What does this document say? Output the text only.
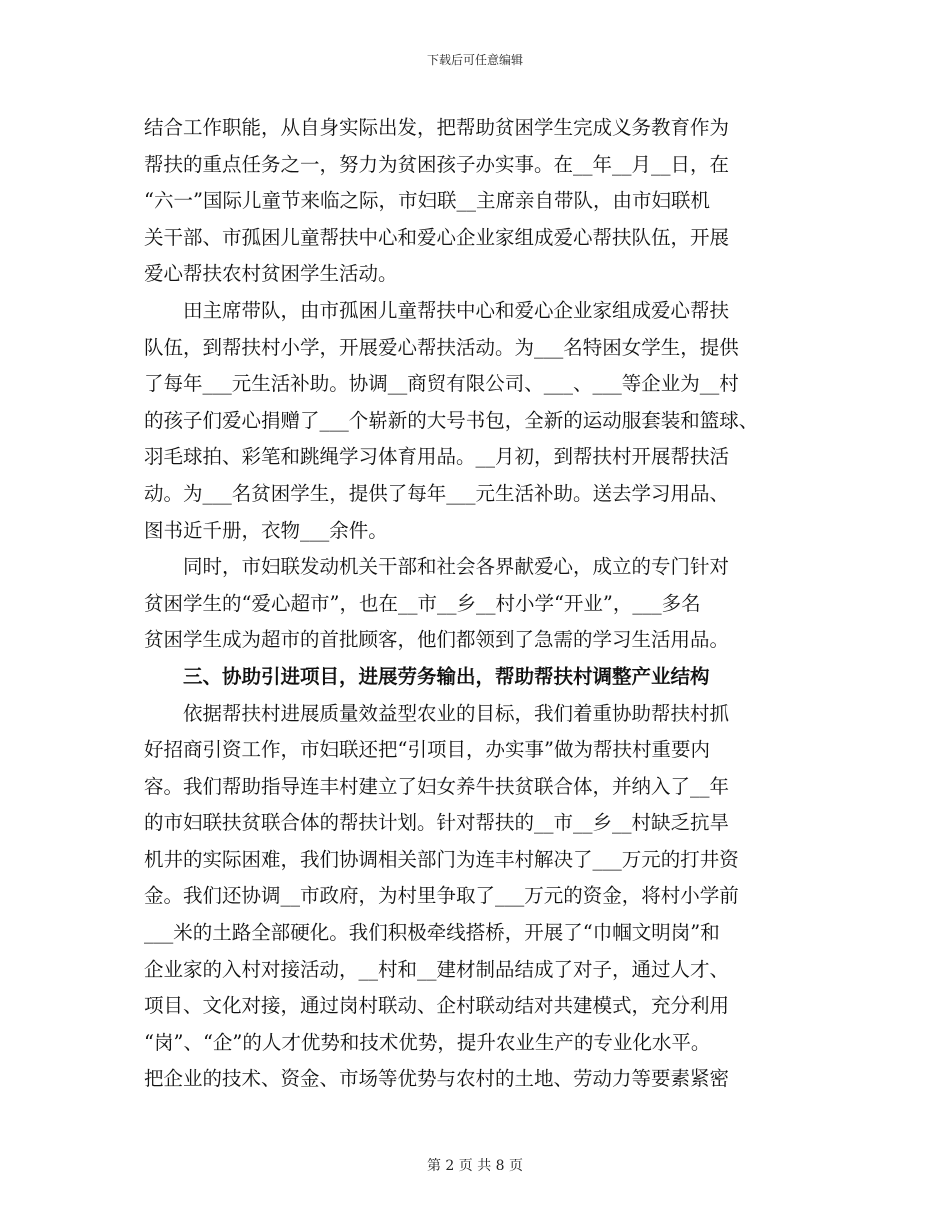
下载后可任意编辑

结合工作职能，从自身实际出发，把帮助贫困学生完成义务教育作为
帮扶的重点任务之一，努力为贫困孩子办实事。在__年__月__日，在
“六一”国际儿童节来临之际，市妇联__主席亲自带队，由市妇联机
关干部、市孤困儿童帮扶中心和爱心企业家组成爱心帮扶队伍，开展
爱心帮扶农村贫困学生活动。

　　田主席带队，由市孤困儿童帮扶中心和爱心企业家组成爱心帮扶
队伍，到帮扶村小学，开展爱心帮扶活动。为___名特困女学生，提供
了每年___元生活补助。协调__商贸有限公司、___、___等企业为__村
的孩子们爱心捐赠了___个崭新的大号书包，全新的运动服套装和篮球、
羽毛球拍、彩笔和跳绳学习体育用品。__月初，到帮扶村开展帮扶活
动。为___名贫困学生，提供了每年___元生活补助。送去学习用品、
图书近千册，衣物___余件。

　　同时，市妇联发动机关干部和社会各界献爱心，成立的专门针对
贫困学生的“爱心超市”，也在__市__乡__村小学“开业”，___多名
贫困学生成为超市的首批顾客，他们都领到了急需的学习生活用品。

　　三、协助引进项目，进展劳务输出，帮助帮扶村调整产业结构

　　依据帮扶村进展质量效益型农业的目标，我们着重协助帮扶村抓
好招商引资工作，市妇联还把“引项目，办实事”做为帮扶村重要内
容。我们帮助指导连丰村建立了妇女养牛扶贫联合体，并纳入了__年
的市妇联扶贫联合体的帮扶计划。针对帮扶的__市__乡__村缺乏抗旱
机井的实际困难，我们协调相关部门为连丰村解决了___万元的打井资
金。我们还协调__市政府，为村里争取了___万元的资金，将村小学前
___米的土路全部硬化。我们积极牵线搭桥，开展了“巾帼文明岗”和
企业家的入村对接活动，__村和__建材制品结成了对子，通过人才、
项目、文化对接，通过岗村联动、企村联动结对共建模式，充分利用
“岗”、“企”的人才优势和技术优势，提升农业生产的专业化水平。
把企业的技术、资金、市场等优势与农村的土地、劳动力等要素紧密

第 2 页 共 8 页
